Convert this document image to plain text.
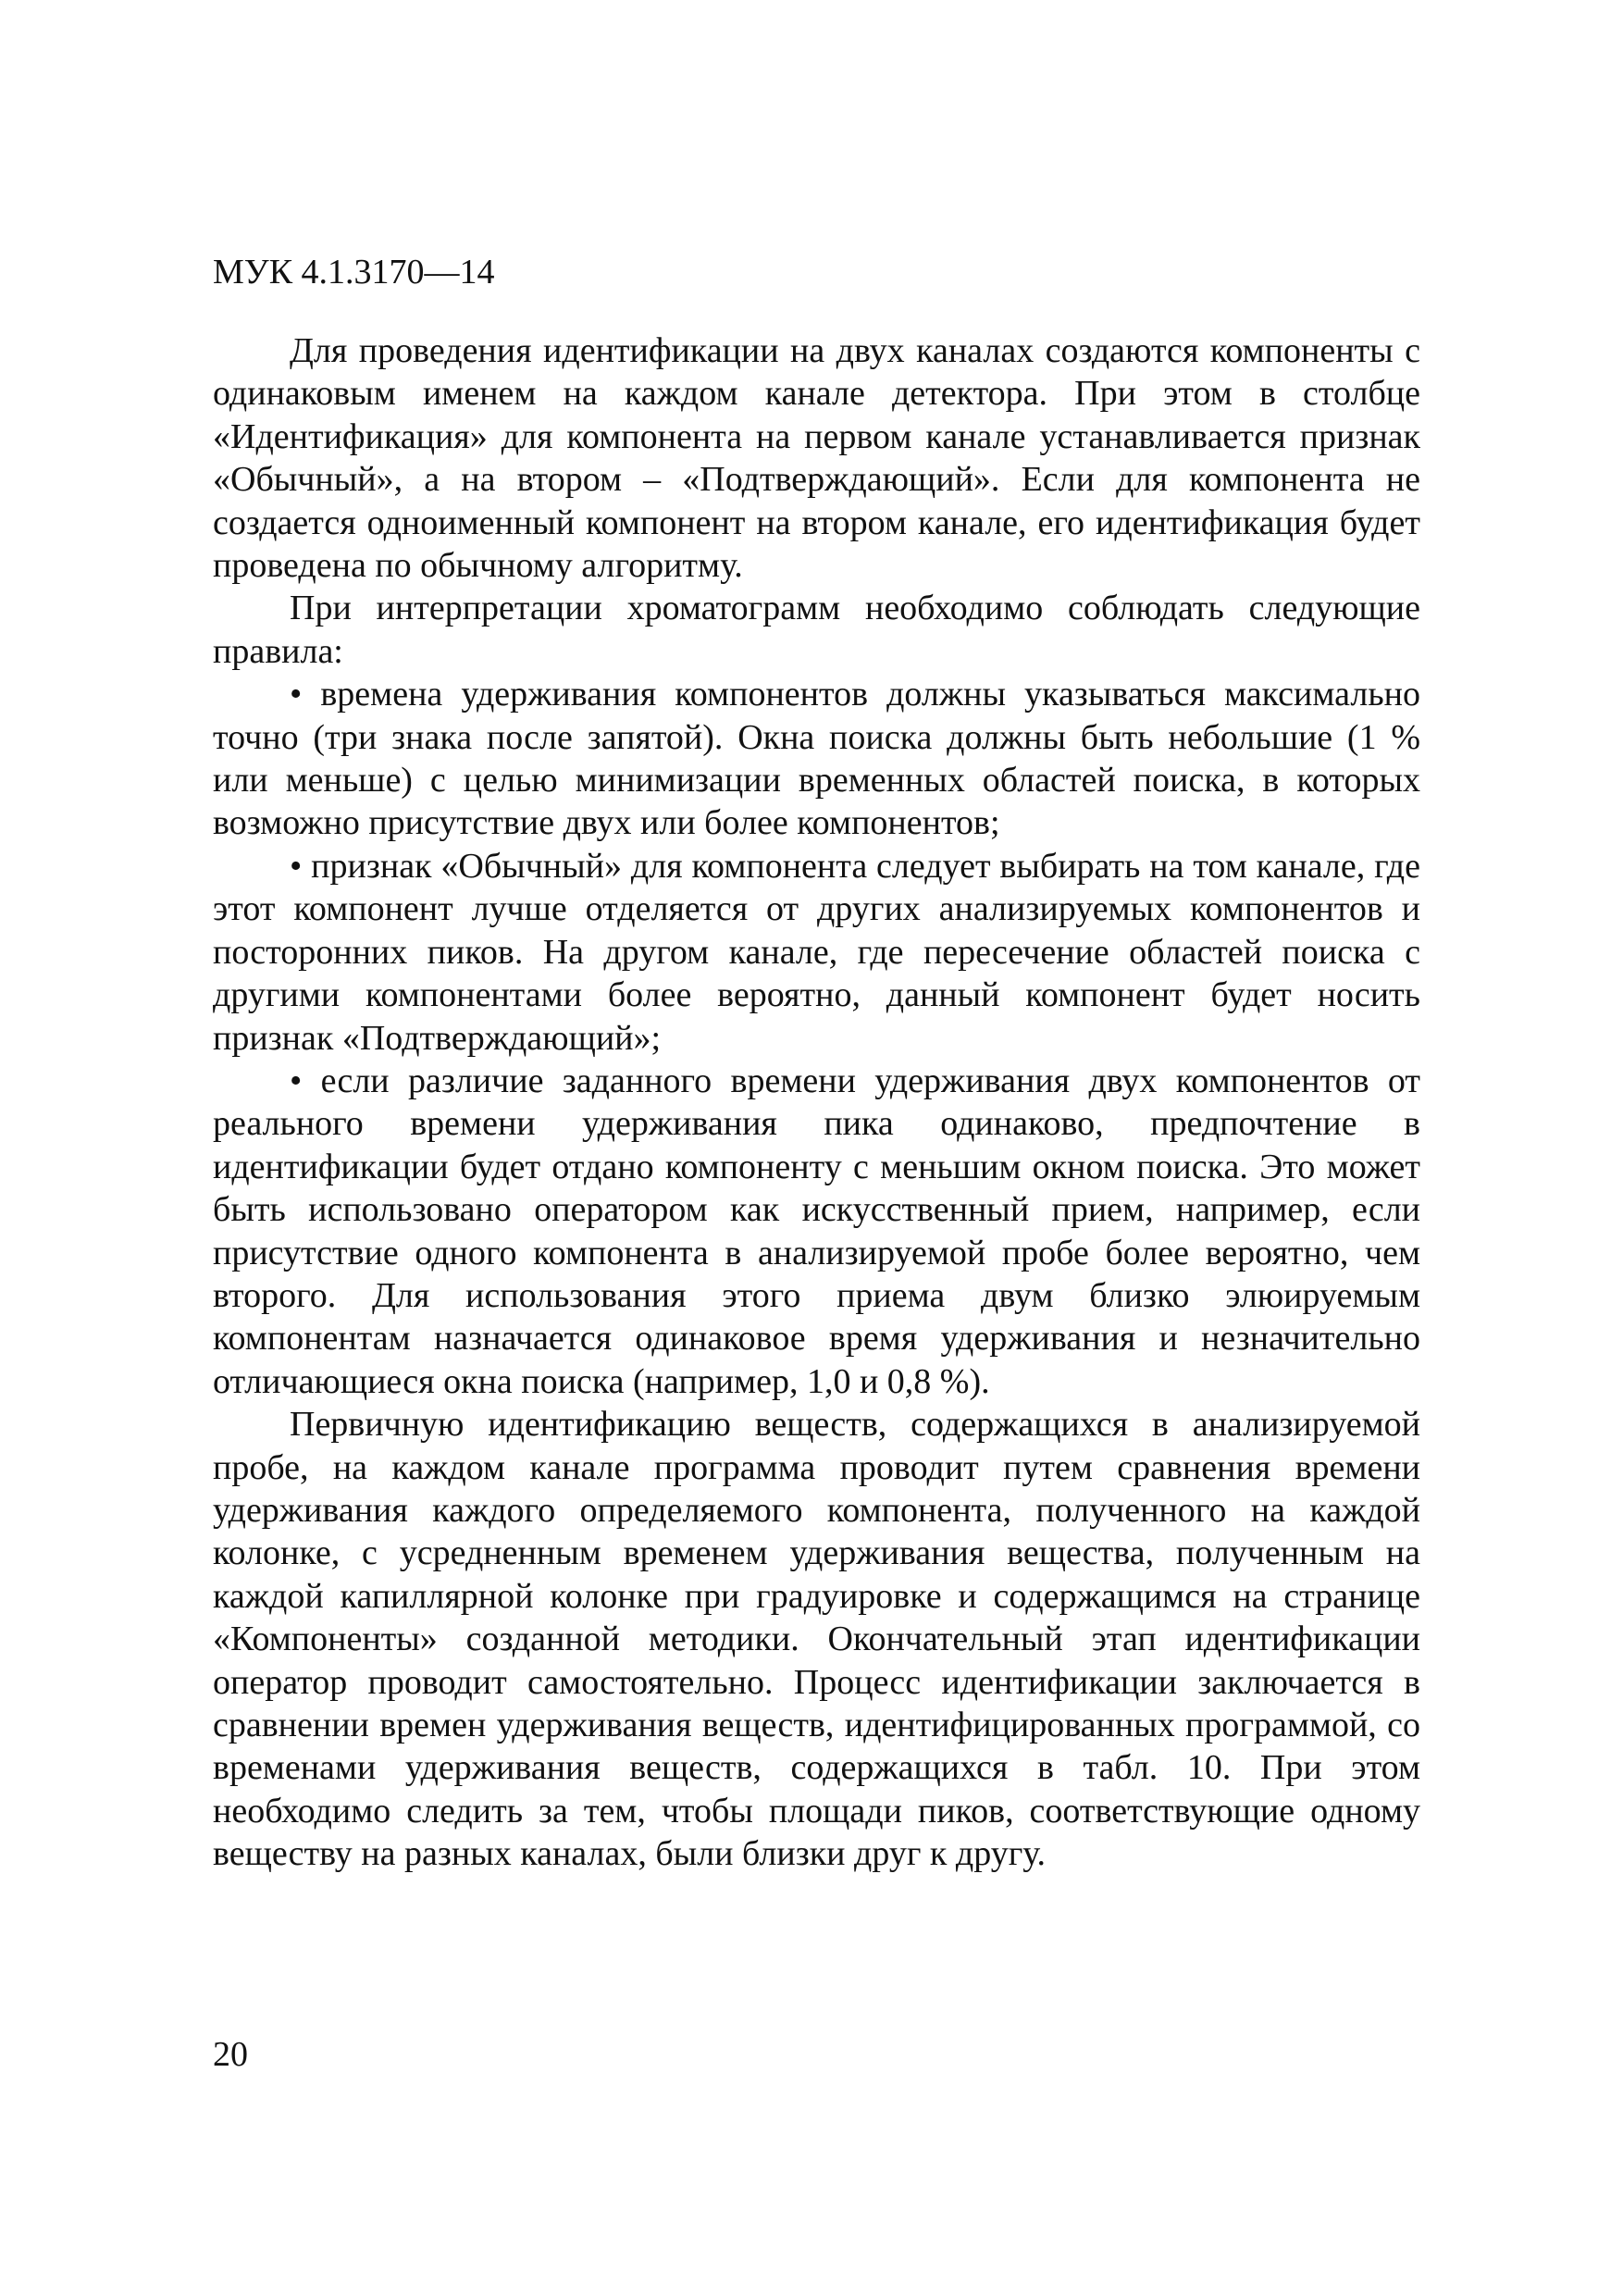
МУК 4.1.3170—14

Для проведения идентификации на двух каналах создаются компоненты с одинаковым именем на каждом канале детектора. При этом в столбце «Идентификация» для компонента на первом канале устанавливается признак «Обычный», а на втором – «Подтверждающий». Если для компонента не создается одноименный компонент на втором канале, его идентификация будет проведена по обычному алгоритму.

При интерпретации хроматограмм необходимо соблюдать следующие правила:

• времена удерживания компонентов должны указываться максимально точно (три знака после запятой). Окна поиска должны быть небольшие (1 % или меньше) с целью минимизации временных областей поиска, в которых возможно присутствие двух или более компонентов;

• признак «Обычный» для компонента следует выбирать на том канале, где этот компонент лучше отделяется от других анализируемых компонентов и посторонних пиков. На другом канале, где пересечение областей поиска с другими компонентами более вероятно, данный компонент будет носить признак «Подтверждающий»;

• если различие заданного времени удерживания двух компонентов от реального времени удерживания пика одинаково, предпочтение в идентификации будет отдано компоненту с меньшим окном поиска. Это может быть использовано оператором как искусственный прием, например, если присутствие одного компонента в анализируемой пробе более вероятно, чем второго. Для использования этого приема двум близко элюируемым компонентам назначается одинаковое время удерживания и незначительно отличающиеся окна поиска (например, 1,0 и 0,8 %).

Первичную идентификацию веществ, содержащихся в анализируемой пробе, на каждом канале программа проводит путем сравнения времени удерживания каждого определяемого компонента, полученного на каждой колонке, с усредненным временем удерживания вещества, полученным на каждой капиллярной колонке при градуировке и содержащимся на странице «Компоненты» созданной методики. Окончательный этап идентификации оператор проводит самостоятельно. Процесс идентификации заключается в сравнении времен удерживания веществ, идентифицированных программой, со временами удерживания веществ, содержащихся в табл. 10. При этом необходимо следить за тем, чтобы площади пиков, соответствующие одному веществу на разных каналах, были близки друг к другу.

20
